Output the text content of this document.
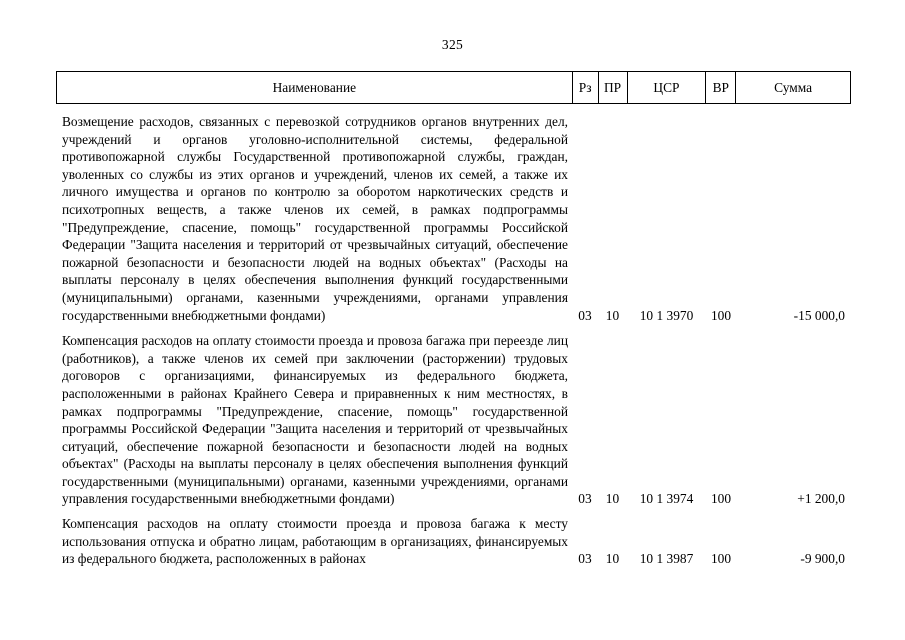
325
Наименование	Рз ПР	ЦСР	ВР	Сумма
Возмещение расходов, связанных с перевозкой сотрудников органов внутренних дел, учреждений и органов уголовно-исполнительной системы, федеральной противопожарной службы Государственной противопожарной службы, граждан, уволенных со службы из этих органов и учреждений, членов их семей, а также их личного имущества и органов по контролю за оборотом наркотических средств и психотропных веществ, а также членов их семей, в рамках подпрограммы "Предупреждение, спасение, помощь" государственной программы Российской Федерации "Защита населения и территорий от чрезвычайных ситуаций, обеспечение пожарной безопасности и безопасности людей на водных объектах" (Расходы на выплаты персоналу в целях обеспечения выполнения функций государственными (муниципальными) органами, казенными учреждениями, органами управления государственными внебюджетными фондами)	03	10	10 1 3970	100	-15 000,0
Компенсация расходов на оплату стоимости проезда и провоза багажа при переезде лиц (работников), а также членов их семей при заключении (расторжении) трудовых договоров с организациями, финансируемых из федерального бюджета, расположенными в районах Крайнего Севера и приравненных к ним местностях, в рамках подпрограммы "Предупреждение, спасение, помощь" государственной программы Российской Федерации "Защита населения и территорий от чрезвычайных ситуаций, обеспечение пожарной безопасности и безопасности людей на водных объектах" (Расходы на выплаты персоналу в целях обеспечения выполнения функций государственными (муниципальными) органами, казенными учреждениями, органами управления государственными внебюджетными фондами)	03	10	10 1 3974	100	+1 200,0
Компенсация расходов на оплату стоимости проезда и провоза багажа к месту использования отпуска и обратно лицам, работающим в организациях, финансируемых из федерального бюджета, расположенных в районах	03	10	10 1 3987	100	-9 900,0
